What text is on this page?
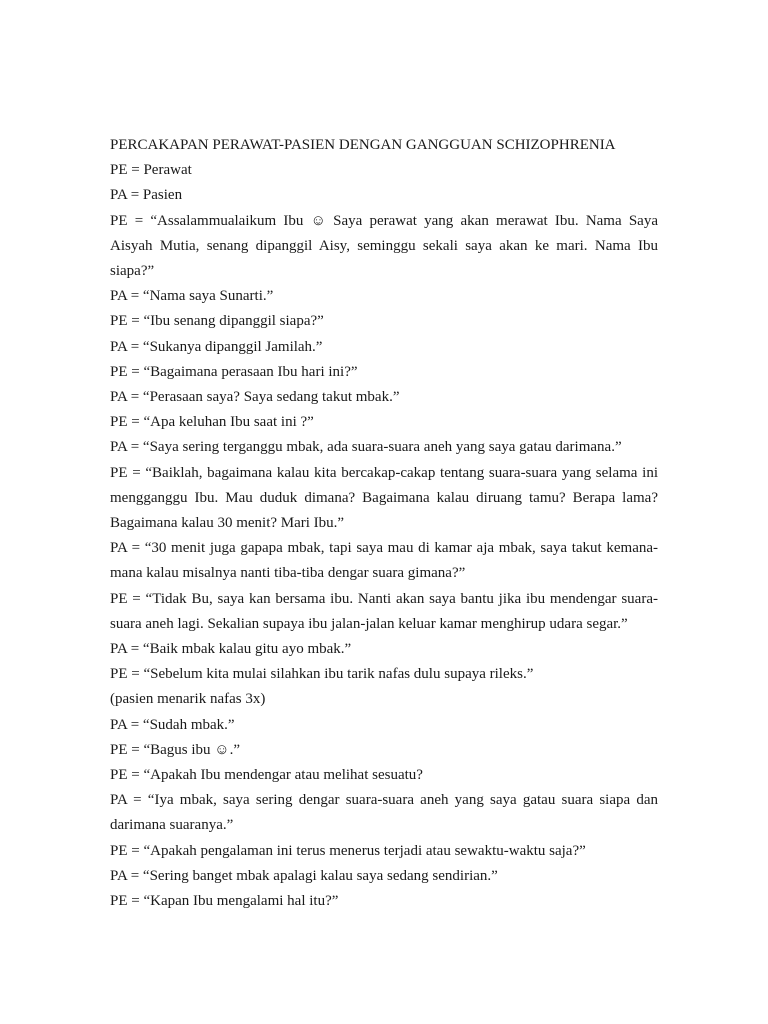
PERCAKAPAN PERAWAT-PASIEN DENGAN GANGGUAN SCHIZOPHRENIA

PE = Perawat

PA = Pasien

PE = “Assalammualaikum Ibu ☺ Saya perawat yang akan merawat Ibu. Nama Saya Aisyah Mutia, senang dipanggil Aisy, seminggu sekali saya akan ke mari. Nama Ibu siapa?”

PA = “Nama saya Sunarti.”

PE = “Ibu senang dipanggil siapa?”

PA = “Sukanya dipanggil Jamilah.”

PE = “Bagaimana perasaan Ibu hari ini?”

PA = “Perasaan saya? Saya sedang takut mbak.”

PE = “Apa keluhan Ibu saat ini ?”

PA = “Saya sering terganggu mbak, ada suara-suara aneh yang saya gatau darimana.”

PE = “Baiklah, bagaimana kalau kita bercakap-cakap tentang suara-suara yang selama ini mengganggu Ibu. Mau duduk dimana? Bagaimana kalau diruang tamu? Berapa lama? Bagaimana kalau 30 menit? Mari Ibu.”

PA = “30 menit juga gapapa mbak, tapi saya mau di kamar aja mbak, saya takut kemana-mana kalau misalnya nanti tiba-tiba dengar suara gimana?”

PE = “Tidak Bu, saya kan bersama ibu. Nanti akan saya bantu jika ibu mendengar suara-suara aneh lagi. Sekalian supaya ibu jalan-jalan keluar kamar menghirup udara segar.”

PA = “Baik mbak kalau gitu ayo mbak.”

PE = “Sebelum kita mulai silahkan ibu tarik nafas dulu supaya rileks.”

(pasien menarik nafas 3x)

PA = “Sudah mbak.”

PE = “Bagus ibu ☺.”

PE = “Apakah Ibu mendengar atau melihat sesuatu?

PA = “Iya mbak, saya sering dengar suara-suara aneh yang saya gatau suara siapa dan darimana suaranya.”

PE = “Apakah pengalaman ini terus menerus terjadi atau sewaktu-waktu saja?”

PA = “Sering banget mbak apalagi kalau saya sedang sendirian.”

PE = “Kapan Ibu mengalami hal itu?”
